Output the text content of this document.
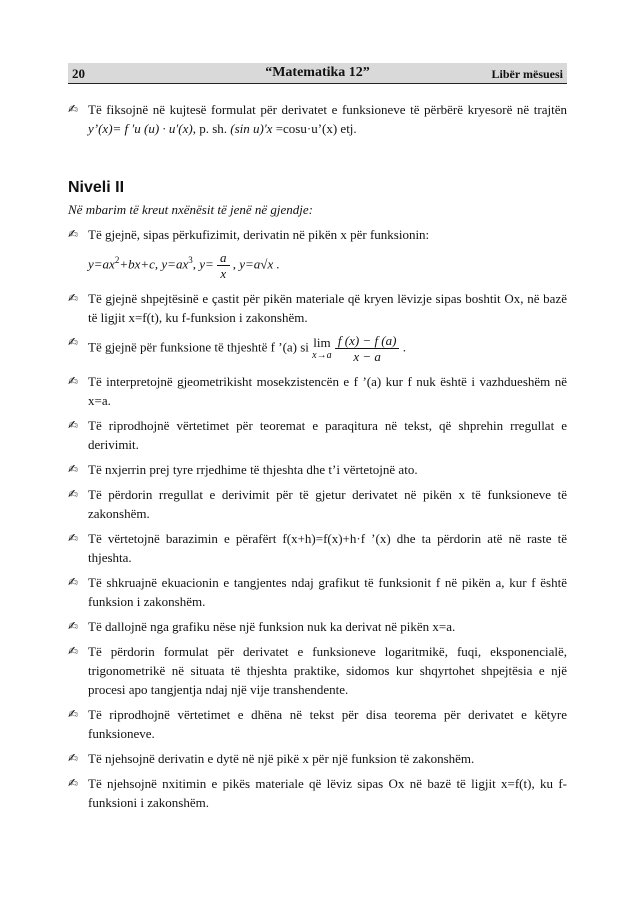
20	“Matematika 12”	Libër mësuesi
✍ Të fiksojnë në kujtesë formulat për derivatet e funksioneve të përbërë kryesorë në trajtën y’(x)= f ′u (u) · u′(x), p. sh. (sin u)′x =cosu·u’(x) etj.
Niveli II
Në mbarim të kreut nxënësit të jenë në gjendje:
✍ Të gjejnë, sipas përkufizimit, derivatin në pikën x për funksionin:
$y=ax^2+bx+c$, $y=ax^3$, $y= \frac{a}{x}$ , y=a√x .
✍ Të gjejnë shpejtësinë e çastit për pikën materiale që kryen lëvizje sipas boshtit Ox, në bazë të ligjit x=f(t), ku f-funksion i zakonshëm.
✍ Të gjejnë për funksione të thjeshtë f ’(a) si lim
x→a
$\frac{f (x) - f (a)}{x - a}$ .
✍ Të interpretojnë gjeometrikisht mosekzistencën e f ’(a) kur f nuk është i vazhdueshëm në x=a.
✍ Të riprodhojnë vërtetimet për teoremat e paraqitura në tekst, që shprehin rregullat e derivimit.
✍ Të nxjerrin prej tyre rrjedhime të thjeshta dhe t’i vërtetojnë ato.
✍ Të përdorin rregullat e derivimit për të gjetur derivatet në pikën x të funksioneve të zakonshëm.
✍ Të vërtetojnë barazimin e përafërt f(x+h)=f(x)+h·f ’(x) dhe ta përdorin atë në raste të thjeshta.
✍ Të shkruajnë ekuacionin e tangjentes ndaj grafikut të funksionit f në pikën a, kur f është funksion i zakonshëm.
✍ Të dallojnë nga grafiku nëse një funksion nuk ka derivat në pikën x=a.
✍ Të përdorin formulat për derivatet e funksioneve logaritmikë, fuqi, eksponencialë, trigonometrikë në situata të thjeshta praktike, sidomos kur shqyrtohet shpejtësia e një procesi apo tangjentja ndaj një vije transhendente.
✍ Të riprodhojnë vërtetimet e dhëna në tekst për disa teorema për derivatet e këtyre funksioneve.
✍ Të njehsojnë derivatin e dytë në një pikë x për një funksion të zakonshëm.
✍ Të njehsojnë nxitimin e pikës materiale që lëviz sipas Ox në bazë të ligjit x=f(t), ku f-funksioni i zakonshëm.
